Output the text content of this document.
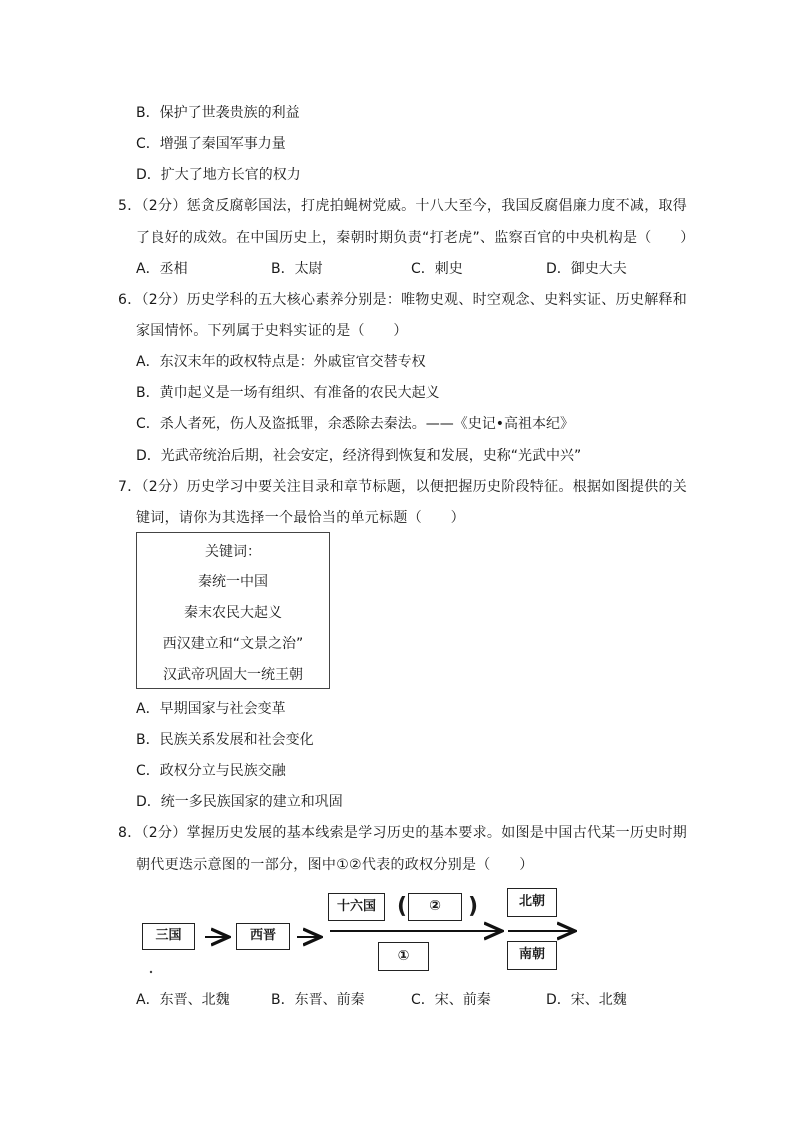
B．保护了世袭贵族的利益
C．增强了秦国军事力量
D．扩大了地方长官的权力
5．（2分）惩贪反腐彰国法，打虎拍蝇树党威。十八大至今，我国反腐倡廉力度不减，取得
了良好的成效。在中国历史上，秦朝时期负责“打老虎”、监察百官的中央机构是（　　）
A．丞相	B．太尉	C．刺史	D．御史大夫
6．（2分）历史学科的五大核心素养分别是：唯物史观、时空观念、史料实证、历史解释和
家国情怀。下列属于史料实证的是（　　）
A．东汉末年的政权特点是：外戚宦官交替专权
B．黄巾起义是一场有组织、有准备的农民大起义
C．杀人者死，伤人及盗抵罪，余悉除去秦法。——《史记•高祖本纪》
D．光武帝统治后期，社会安定，经济得到恢复和发展，史称“光武中兴”
7．（2分）历史学习中要关注目录和章节标题，以便把握历史阶段特征。根据如图提供的关
键词，请你为其选择一个最恰当的单元标题（　　）
关键词：
秦统一中国
秦末农民大起义
西汉建立和“文景之治”
汉武帝巩固大一统王朝
A．早期国家与社会变革
B．民族关系发展和社会变化
C．政权分立与民族交融
D．统一多民族国家的建立和巩固
8．（2分）掌握历史发展的基本线索是学习历史的基本要求。如图是中国古代某一历史时期
朝代更迭示意图的一部分，图中①②代表的政权分别是（　　）
三国	西晋
十六国 (	②	)
①
北朝
南朝
A．东晋、北魏	B．东晋、前秦	C．宋、前秦	D．宋、北魏
